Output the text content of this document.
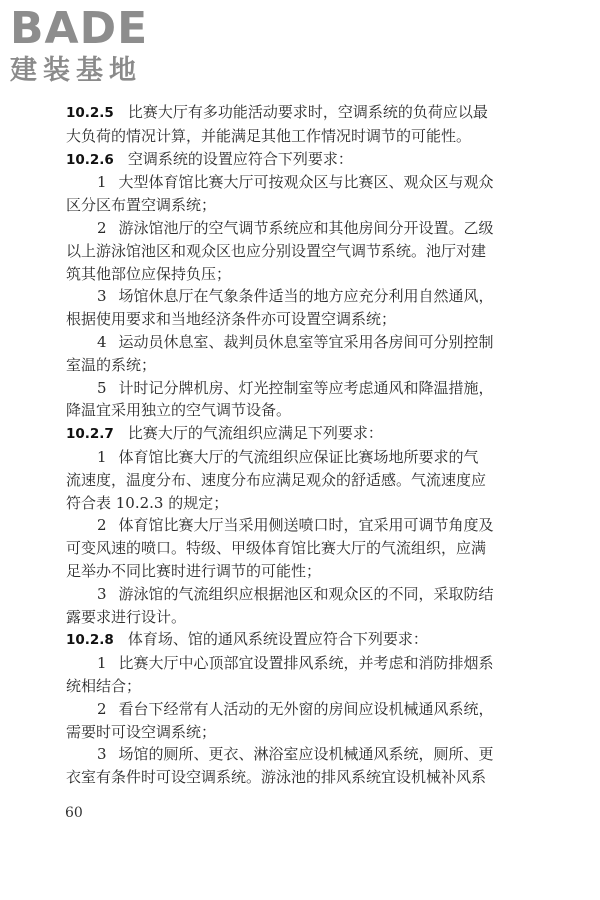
BADE
建装基地
10.2.5 比赛大厅有多功能活动要求时，空调系统的负荷应以最
大负荷的情况计算，并能满足其他工作情况时调节的可能性。
10.2.6 空调系统的设置应符合下列要求：
1 大型体育馆比赛大厅可按观众区与比赛区、观众区与观众
区分区布置空调系统；
2 游泳馆池厅的空气调节系统应和其他房间分开设置。乙级
以上游泳馆池区和观众区也应分别设置空气调节系统。池厅对建
筑其他部位应保持负压；
3 场馆休息厅在气象条件适当的地方应充分利用自然通风，
根据使用要求和当地经济条件亦可设置空调系统；
4 运动员休息室、裁判员休息室等宜采用各房间可分别控制
室温的系统；
5 计时记分牌机房、灯光控制室等应考虑通风和降温措施，
降温宜采用独立的空气调节设备。
10.2.7 比赛大厅的气流组织应满足下列要求：
1 体育馆比赛大厅的气流组织应保证比赛场地所要求的气
流速度，温度分布、速度分布应满足观众的舒适感。气流速度应
符合表 10.2.3 的规定；
2 体育馆比赛大厅当采用侧送喷口时，宜采用可调节角度及
可变风速的喷口。特级、甲级体育馆比赛大厅的气流组织，应满
足举办不同比赛时进行调节的可能性；
3 游泳馆的气流组织应根据池区和观众区的不同，采取防结
露要求进行设计。
10.2.8 体育场、馆的通风系统设置应符合下列要求：
1 比赛大厅中心顶部宜设置排风系统，并考虑和消防排烟系
统相结合；
2 看台下经常有人活动的无外窗的房间应设机械通风系统，
需要时可设空调系统；
3 场馆的厕所、更衣、淋浴室应设机械通风系统，厕所、更
衣室有条件时可设空调系统。游泳池的排风系统宜设机械补风系
60
